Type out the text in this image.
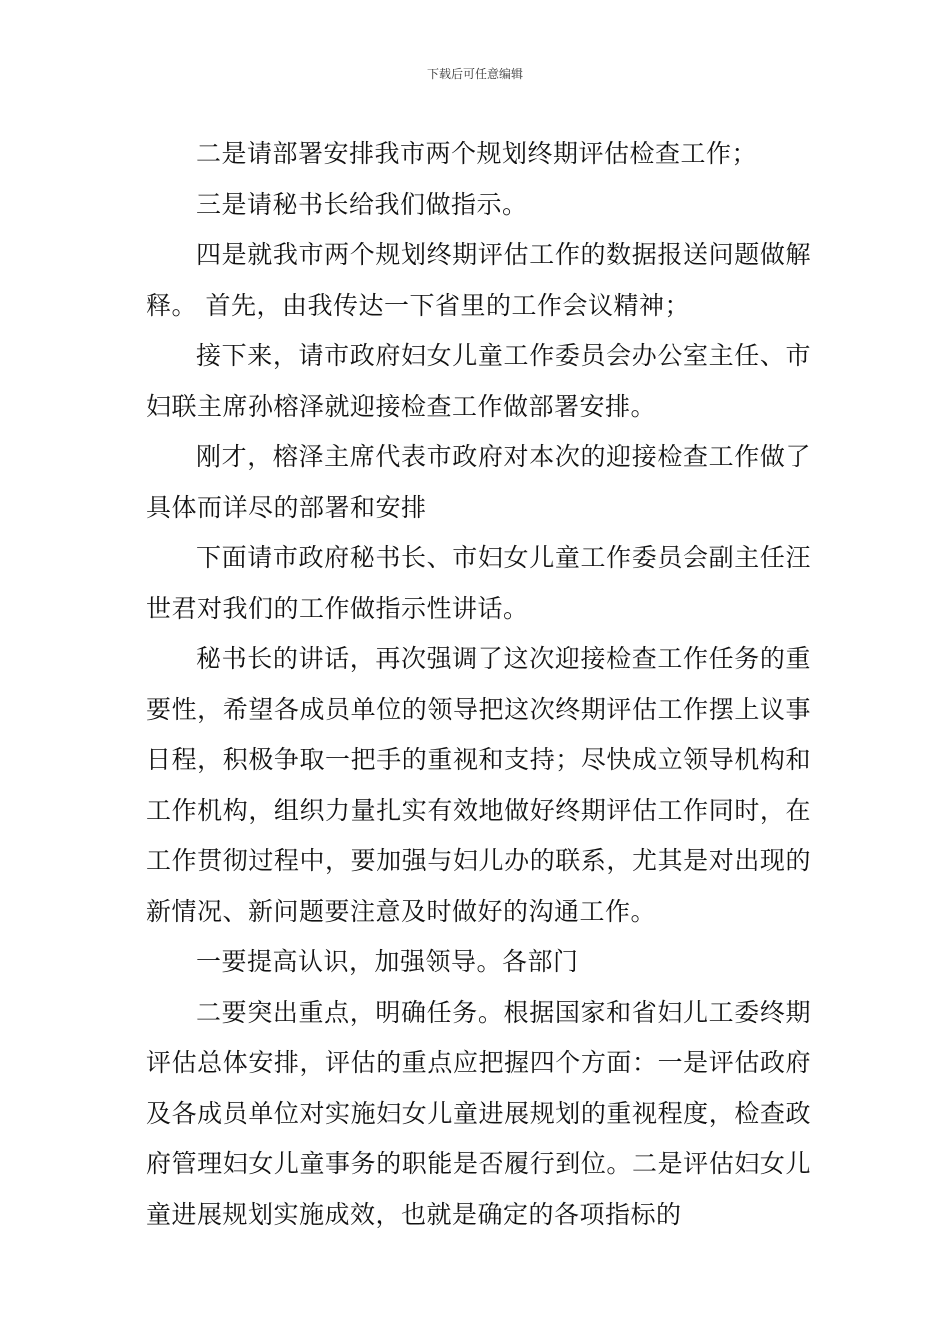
下载后可任意编辑

二是请部署安排我市两个规划终期评估检查工作；

三是请秘书长给我们做指示。

四是就我市两个规划终期评估工作的数据报送问题做解释。 首先，由我传达一下省里的工作会议精神；

接下来，请市政府妇女儿童工作委员会办公室主任、市妇联主席孙榕泽就迎接检查工作做部署安排。

刚才，榕泽主席代表市政府对本次的迎接检查工作做了具体而详尽的部署和安排

下面请市政府秘书长、市妇女儿童工作委员会副主任汪世君对我们的工作做指示性讲话。

秘书长的讲话，再次强调了这次迎接检查工作任务的重要性，希望各成员单位的领导把这次终期评估工作摆上议事日程，积极争取一把手的重视和支持；尽快成立领导机构和工作机构，组织力量扎实有效地做好终期评估工作同时，在工作贯彻过程中，要加强与妇儿办的联系，尤其是对出现的新情况、新问题要注意及时做好的沟通工作。

一要提高认识，加强领导。各部门

二要突出重点，明确任务。根据国家和省妇儿工委终期评估总体安排，评估的重点应把握四个方面：一是评估政府及各成员单位对实施妇女儿童进展规划的重视程度，检查政府管理妇女儿童事务的职能是否履行到位。二是评估妇女儿童进展规划实施成效，也就是确定的各项指标的
